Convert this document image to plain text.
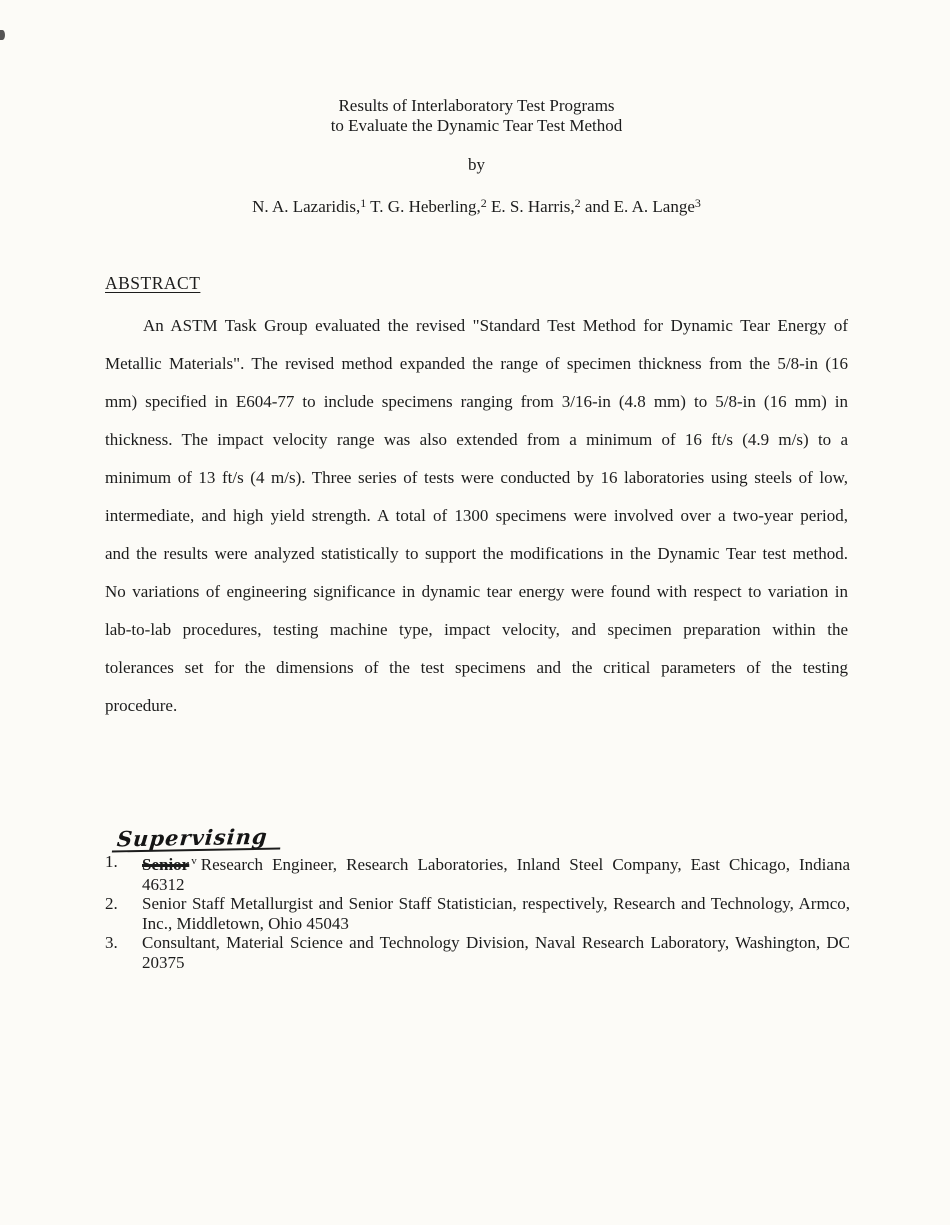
Results of Interlaboratory Test Programs
to Evaluate the Dynamic Tear Test Method
by
N. A. Lazaridis,$^1$ T. G. Heberling,$^2$ E. S. Harris,$^2$ and E. A. Lange$^3$
ABSTRACT

An ASTM Task Group evaluated the revised "Standard Test Method for Dynamic Tear Energy of Metallic Materials". The revised method expanded the range of specimen thickness from the 5/8-in (16 mm) specified in E604-77 to include specimens ranging from 3/16-in (4.8 mm) to 5/8-in (16 mm) in thickness. The impact velocity range was also extended from a minimum of 16 ft/s (4.9 m/s) to a minimum of 13 ft/s (4 m/s). Three series of tests were conducted by 16 laboratories using steels of low, intermediate, and high yield strength. A total of 1300 specimens were involved over a two-year period, and the results were analyzed statistically to support the modifications in the Dynamic Tear test method. No variations of engineering significance in dynamic tear energy were found with respect to variation in lab-to-lab procedures, testing machine type, impact velocity, and specimen preparation within the tolerances set for the dimensions of the test specimens and the critical parameters of the testing procedure.

Supervising
1.	Senior $^v$ Research Engineer, Research Laboratories, Inland Steel Company, East Chicago, Indiana 46312
2.	Senior Staff Metallurgist and Senior Staff Statistician, respectively, Research and Technology, Armco, Inc., Middletown, Ohio 45043
3.	Consultant, Material Science and Technology Division, Naval Research Laboratory, Washington, DC 20375
